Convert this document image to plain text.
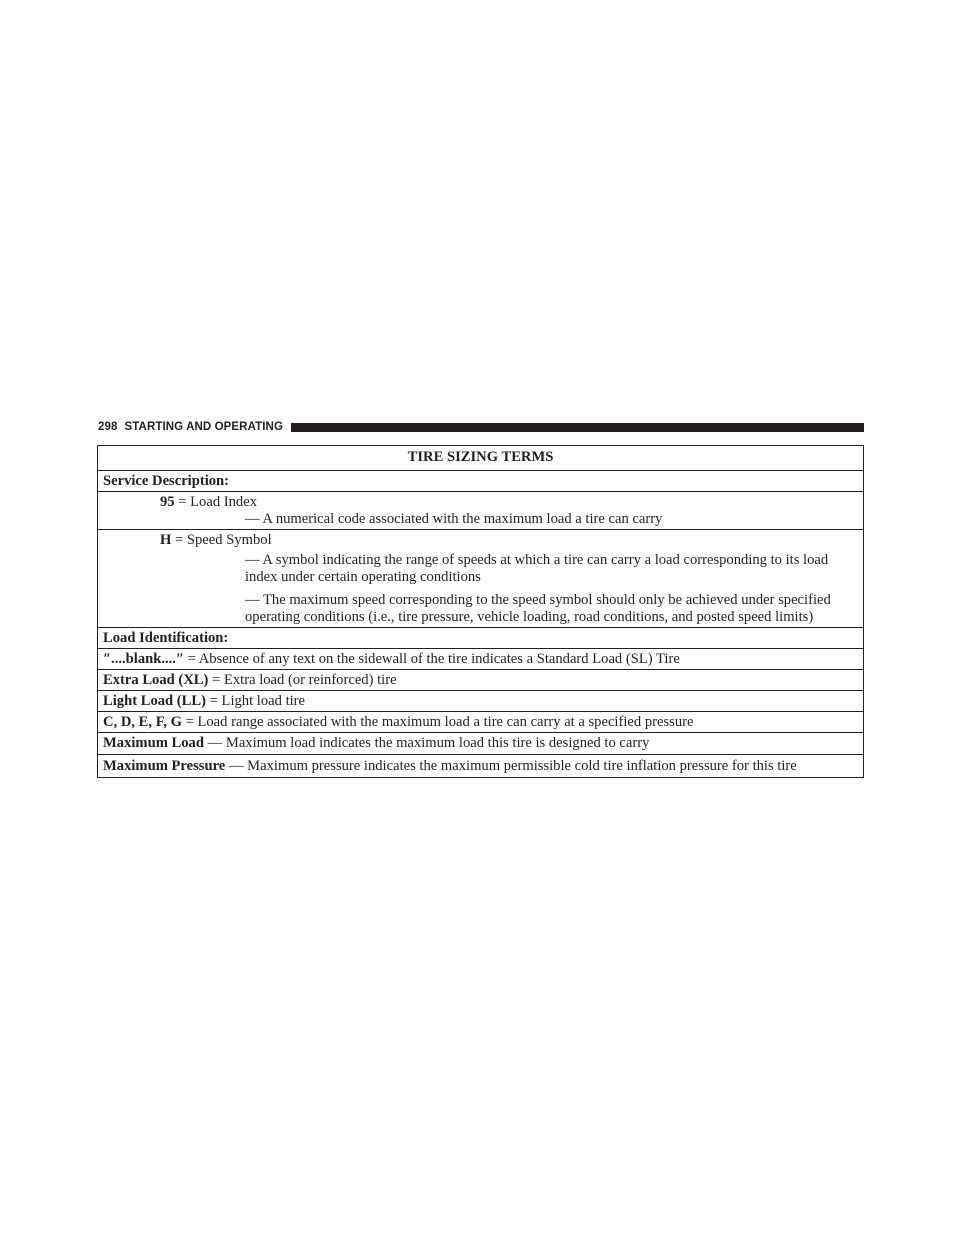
298 STARTING AND OPERATING
TIRE SIZING TERMS
Service Description:

95 = Load Index
— A numerical code associated with the maximum load a tire can carry

H = Speed Symbol
— A symbol indicating the range of speeds at which a tire can carry a load corresponding to its load index under certain operating conditions
— The maximum speed corresponding to the speed symbol should only be achieved under specified operating conditions (i.e., tire pressure, vehicle loading, road conditions, and posted speed limits)

Load Identification:
″....blank....″ = Absence of any text on the sidewall of the tire indicates a Standard Load (SL) Tire
Extra Load (XL) = Extra load (or reinforced) tire
Light Load (LL) = Light load tire
C, D, E, F, G = Load range associated with the maximum load a tire can carry at a specified pressure
Maximum Load — Maximum load indicates the maximum load this tire is designed to carry
Maximum Pressure — Maximum pressure indicates the maximum permissible cold tire inflation pressure for this tire
